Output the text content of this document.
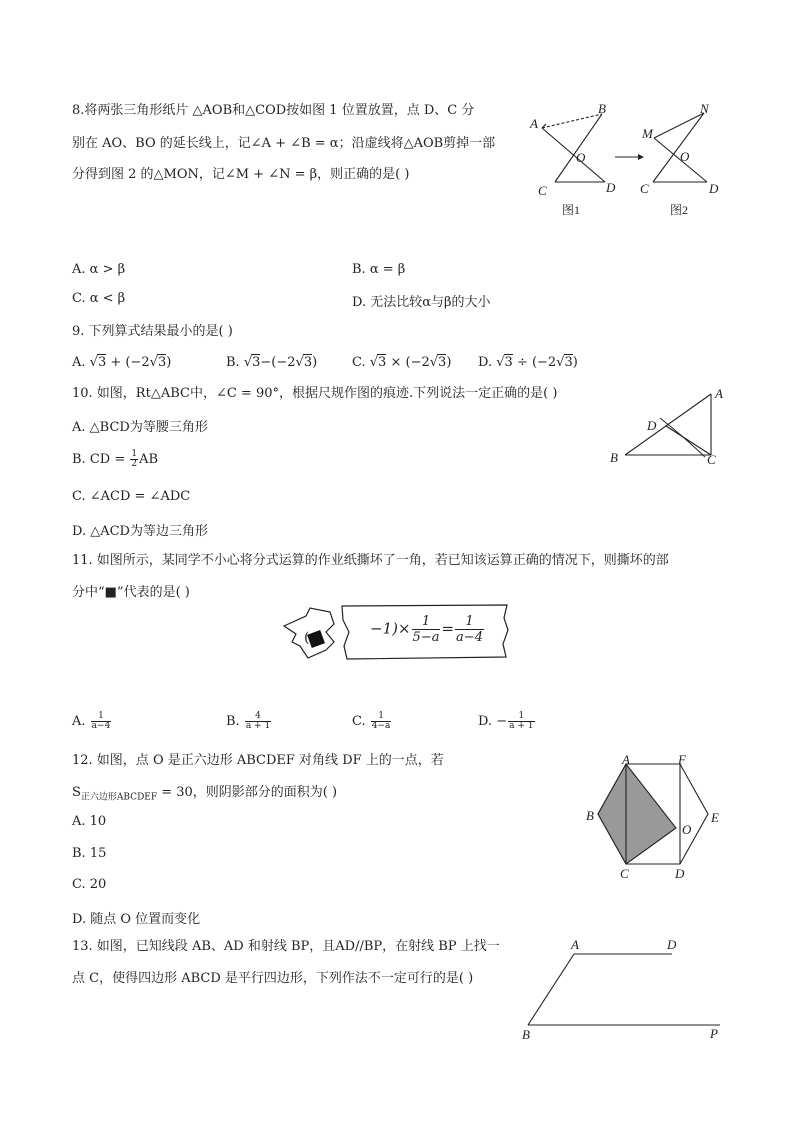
8.将两张三角形纸片 △AOB和△COD按如图 1 位置放置，点 D、C 分
别在 AO、BO 的延长线上，记∠A + ∠B = α；沿虚线将△AOB剪掉一部
分得到图 2 的△MON，记∠M + ∠N = β，则正确的是( )
A
B
O
C	D
图1
M
N
O
C	D
图2
A. α > β	B. α = β
C. α < β	D. 无法比较α与β的大小
9. 下列算式结果最小的是( )
A. √3 + (−2√3)	B. √3−(−2√3)	C. √3 × (−2√3) D. √3 ÷ (−2√3)
10. 如图，Rt△ABC中，∠C = 90°，根据尺规作图的痕迹.下列说法一定正确的是( )
A. △BCD为等腰三角形
B. CD = $\frac{1}{2}$ AB
C. ∠ACD = ∠ADC
D. △ACD为等边三角形
A
D
B	C
11. 如图所示，某同学不小心将分式运算的作业纸撕坏了一角，若已知该运算正确的情况下，则撕坏的部
分中“■”代表的是( )
(
$-1)\times \frac{1}{5-a} = \frac{1}{a-4}$
A. $\frac{1}{a-4}$	B. $\frac{4}{a + 1}$	C. $\frac{1}{4-a}$	D. − $\frac{1}{a + 1}$
12. 如图，点 O 是正六边形 ABCDEF 对角线 DF 上的一点，若
$S_{正六边形ABCDEF} = 30$，则阴影部分的面积为( )
A. 10
B. 15
C. 20
D. 随点 O 位置而变化
A	F
B
O
E
C	D
13. 如图，已知线段 AB、AD 和射线 BP，且AD//BP，在射线 BP 上找一
点 C，使得四边形 ABCD 是平行四边形，下列作法不一定可行的是( )
A	D
B	P
